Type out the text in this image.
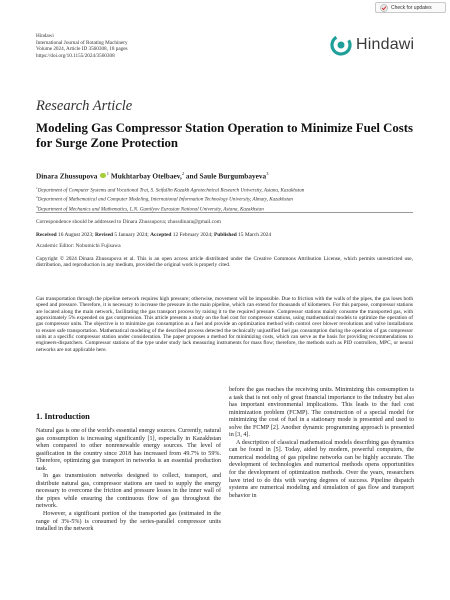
Hindawi
International Journal of Rotating Machinery
Volume 2024, Article ID 3560308, 18 pages
https://doi.org/10.1155/2024/3560308
Check for updates
Hindawi
Research Article
Modeling Gas Compressor Station Operation to Minimize Fuel Costs for Surge Zone Protection
Dinara Zhussupova $^1$ Mukhtarbay Otelbaev,$^2$ and Saule Burgumbayeva$^3$
$^1$Department of Computer Systems and Vocational Trai, S. Seifullin Kazakh Agrotechnical Research University, Astana, Kazakhstan
$^2$Department of Mathematical and Computer Modeling, International Information Technology University, Almaty, Kazakhstan
$^3$Department of Mechanics and Mathematics, L.N. Gumilyov Eurasian National University, Astana, Kazakhstan
Correspondence should be addressed to Dinara Zhussupova; zhussdinara@gmail.com
Received 16 August 2023; Revised 5 January 2024; Accepted 12 February 2024; Published 15 March 2024
Academic Editor: Nobumichi Fujisawa
Copyright © 2024 Dinara Zhussupova et al. This is an open access article distributed under the Creative Commons Attribution License, which permits unrestricted use, distribution, and reproduction in any medium, provided the original work is properly cited.
Gas transportation through the pipeline network requires high pressure; otherwise, movement will be impossible. Due to friction with the walls of the pipes, the gas loses both speed and pressure. Therefore, it is necessary to increase the pressure in the main pipeline, which can extend for thousands of kilometers. For this purpose, compressor stations are located along the main network, facilitating the gas transport process by raising it to the required pressure. Compressor stations mainly consume the transported gas, with approximately 5% expended on gas compression. This article presents a study on the fuel cost for compressor stations, using mathematical models to optimize the operation of gas compressor units. The objective is to minimize gas consumption as a fuel and provide an optimization method with control over blower revolutions and valve installations to ensure safe transportation. Mathematical modeling of the described process detected the technically unjustified fuel gas consumption during the operation of gas compressor units at a specific compressor station under consideration. The paper proposes a method for minimizing costs, which can serve as the basis for providing recommendations to engineers-dispatchers. Compressor stations of the type under study lack measuring instruments for mass flow; therefore, the methods such as PID controllers, MPC, or neural networks are not applicable here.
1. Introduction

Natural gas is one of the world's essential energy sources. Currently, natural gas consumption is increasing significantly [1], especially in Kazakhstan when compared to other nonrenewable energy sources. The level of gasification in the country since 2018 has increased from 49.7% to 59%. Therefore, optimizing gas transport in networks is an essential production task.

In gas transmission networks designed to collect, transport, and distribute natural gas, compressor stations are used to supply the energy necessary to overcome the friction and pressure losses in the inner wall of the pipes while ensuring the continuous flow of gas throughout the network.

However, a significant portion of the transported gas (estimated in the range of 3%-5%) is consumed by the series-parallel compressor units installed in the network

before the gas reaches the receiving units. Minimizing this consumption is a task that is not only of great financial importance to the industry but also has important environmental implications. This leads to the fuel cost minimization problem (FCMP). The construction of a special model for minimizing the cost of fuel in a stationary mode is presented and used to solve the FCMP [2]. Another dynamic programming approach is presented in [3, 4].

A description of classical mathematical models describing gas dynamics can be found in [5]. Today, aided by modern, powerful computers, the numerical modeling of gas pipeline networks can be highly accurate. The development of technologies and numerical methods opens opportunities for the development of optimization methods. Over the years, researchers have tried to do this with varying degrees of success. Pipeline dispatch systems are numerical modeling and simulation of gas flow and transport behavior in
